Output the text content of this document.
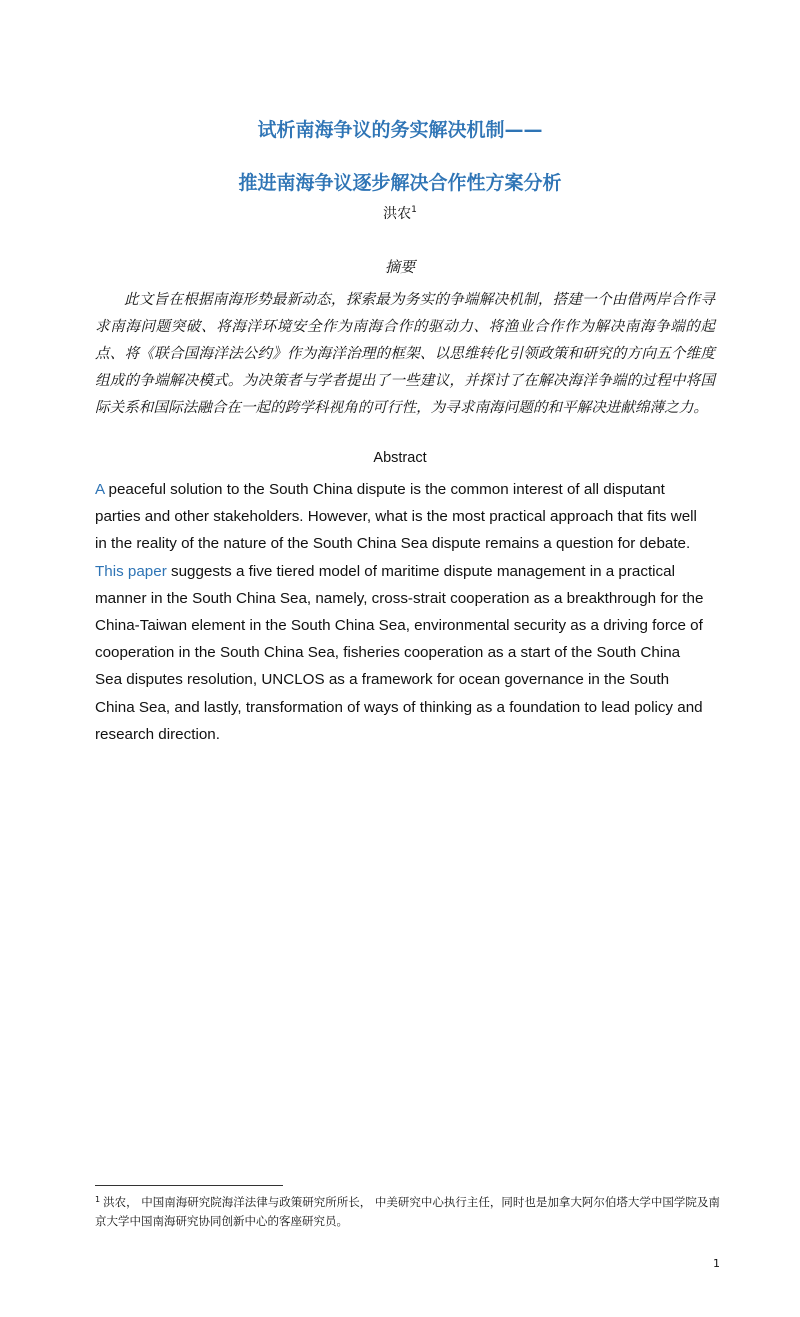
试析南海争议的务实解决机制——
推进南海争议逐步解决合作性方案分析
洪农$^1$
摘要

此文旨在根据南海形势最新动态，探索最为务实的争端解决机制，搭建一个由借两岸合作寻求南海问题突破、将海洋环境安全作为南海合作的驱动力、将渔业合作作为解决南海争端的起点、将《联合国海洋法公约》作为海洋治理的框架、以思维转化引领政策和研究的方向五个维度组成的争端解决模式。为决策者与学者提出了一些建议，并探讨了在解决海洋争端的过程中将国际关系和国际法融合在一起的跨学科视角的可行性，为寻求南海问题的和平解决进献绵薄之力。

Abstract

A peaceful solution to the South China dispute is the common interest of all disputant parties and other stakeholders. However, what is the most practical approach that fits well in the reality of the nature of the South China Sea dispute remains a question for debate. This paper suggests a five tiered model of maritime dispute management in a practical manner in the South China Sea, namely, cross-strait cooperation as a breakthrough for the China-Taiwan element in the South China Sea, environmental security as a driving force of cooperation in the South China Sea, fisheries cooperation as a start of the South China Sea disputes resolution, UNCLOS as a framework for ocean governance in the South China Sea, and lastly, transformation of ways of thinking as a foundation to lead policy and research direction.

$^1$ 洪农， 中国南海研究院海洋法律与政策研究所所长， 中美研究中心执行主任，同时也是加拿大阿尔伯塔大学中国学院及南京大学中国南海研究协同创新中心的客座研究员。

1
